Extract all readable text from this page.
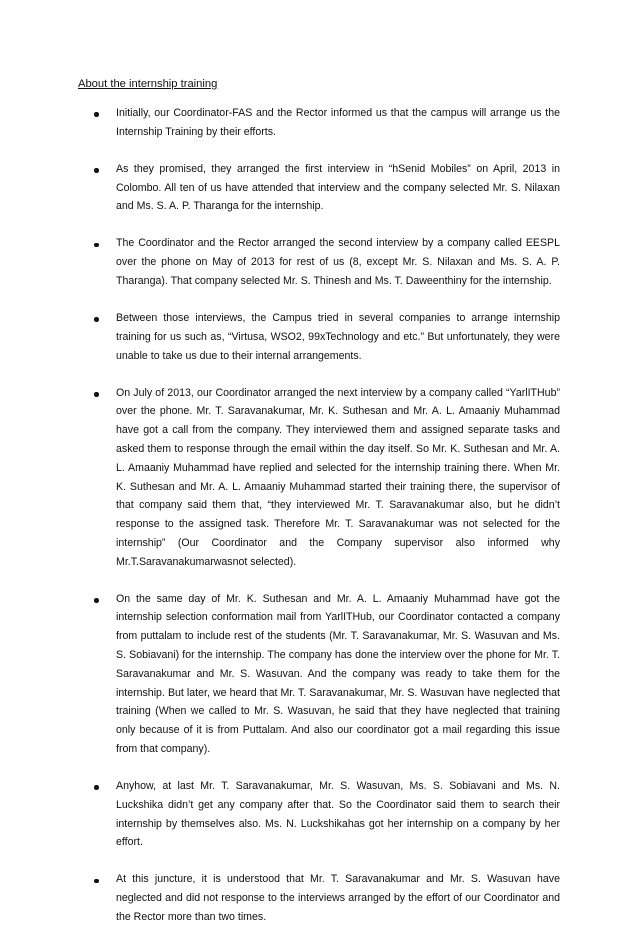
About the internship training

Initially, our Coordinator-FAS and the Rector informed us that the campus will arrange us the Internship Training by their efforts.

As they promised, they arranged the first interview in “hSenid Mobiles” on April, 2013 in Colombo. All ten of us have attended that interview and the company selected Mr. S. Nilaxan and Ms. S. A. P. Tharanga for the internship.

The Coordinator and the Rector arranged the second interview by a company called EESPL over the phone on May of 2013 for rest of us (8, except Mr. S. Nilaxan and Ms. S. A. P. Tharanga). That company selected Mr. S. Thinesh and Ms. T. Daweenthiny for the internship.

Between those interviews, the Campus tried in several companies to arrange internship training for us such as, “Virtusa, WSO2, 99xTechnology and etc.” But unfortunately, they were unable to take us due to their internal arrangements.

On July of 2013, our Coordinator arranged the next interview by a company called “YarlITHub” over the phone. Mr. T. Saravanakumar, Mr. K. Suthesan and Mr. A. L. Amaaniy Muhammad have got a call from the company. They interviewed them and assigned separate tasks and asked them to response through the email within the day itself. So Mr. K. Suthesan and Mr. A. L. Amaaniy Muhammad have replied and selected for the internship training there. When Mr. K. Suthesan and Mr. A. L. Amaaniy Muhammad started their training there, the supervisor of that company said them that, “they interviewed Mr. T. Saravanakumar also, but he didn’t response to the assigned task. Therefore Mr. T. Saravanakumar was not selected for the internship” (Our Coordinator and the Company supervisor also informed why Mr.T.Saravanakumarwasnot selected).

On the same day of Mr. K. Suthesan and Mr. A. L. Amaaniy Muhammad have got the internship selection conformation mail from YarlITHub, our Coordinator contacted a company from puttalam to include rest of the students (Mr. T. Saravanakumar, Mr. S. Wasuvan and Ms. S. Sobiavani) for the internship. The company has done the interview over the phone for Mr. T. Saravanakumar and Mr. S. Wasuvan. And the company was ready to take them for the internship. But later, we heard that Mr. T. Saravanakumar, Mr. S. Wasuvan have neglected that training (When we called to Mr. S. Wasuvan, he said that they have neglected that training only because of it is from Puttalam. And also our coordinator got a mail regarding this issue from that company).

Anyhow, at last Mr. T. Saravanakumar, Mr. S. Wasuvan, Ms. S. Sobiavani and Ms. N. Luckshika didn’t get any company after that. So the Coordinator said them to search their internship by themselves also. Ms. N. Luckshikahas got her internship on a company by her effort.

At this juncture, it is understood that Mr. T. Saravanakumar and Mr. S. Wasuvan have neglected and did not response to the interviews arranged by the effort of our Coordinator and the Rector more than two times.
